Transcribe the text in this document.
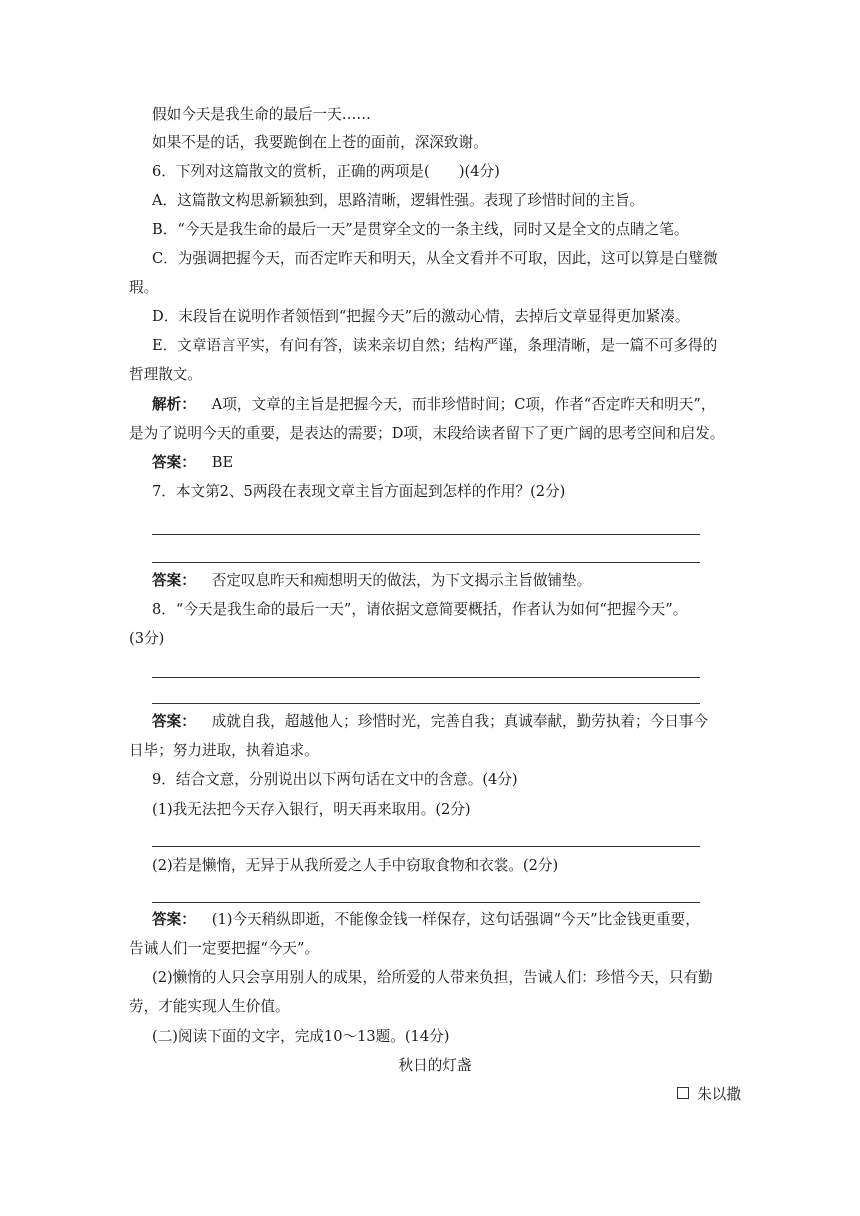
假如今天是我生命的最后一天……
如果不是的话，我要跪倒在上苍的面前，深深致谢。
6．下列对这篇散文的赏析，正确的两项是(　　)(4分)
A．这篇散文构思新颖独到，思路清晰，逻辑性强。表现了珍惜时间的主旨。
B．“今天是我生命的最后一天”是贯穿全文的一条主线，同时又是全文的点睛之笔。
C．为强调把握今天，而否定昨天和明天，从全文看并不可取，因此，这可以算是白璧微
瑕。
D．末段旨在说明作者领悟到“把握今天”后的激动心情，去掉后文章显得更加紧凑。
E．文章语言平实，有问有答，读来亲切自然；结构严谨，条理清晰，是一篇不可多得的
哲理散文。
解析： A项，文章的主旨是把握今天，而非珍惜时间；C项，作者“否定昨天和明天”，
是为了说明今天的重要，是表达的需要；D项，末段给读者留下了更广阔的思考空间和启发。
答案： BE
7．本文第2、5两段在表现文章主旨方面起到怎样的作用？(2分)
答案： 否定叹息昨天和痴想明天的做法，为下文揭示主旨做铺垫。
8．“今天是我生命的最后一天”，请依据文意简要概括，作者认为如何“把握今天”。
(3分)
答案： 成就自我，超越他人；珍惜时光，完善自我；真诚奉献，勤劳执着；今日事今
日毕；努力进取，执着追求。
9．结合文意，分别说出以下两句话在文中的含意。(4分)
(1)我无法把今天存入银行，明天再来取用。(2分)
(2)若是懒惰，无异于从我所爱之人手中窃取食物和衣裳。(2分)
答案： (1)今天稍纵即逝，不能像金钱一样保存，这句话强调“今天”比金钱更重要，
告诫人们一定要把握“今天”。
(2)懒惰的人只会享用别人的成果，给所爱的人带来负担，告诫人们：珍惜今天，只有勤
劳，才能实现人生价值。
(二)阅读下面的文字，完成10～13题。(14分)
秋日的灯盏
朱以撒
